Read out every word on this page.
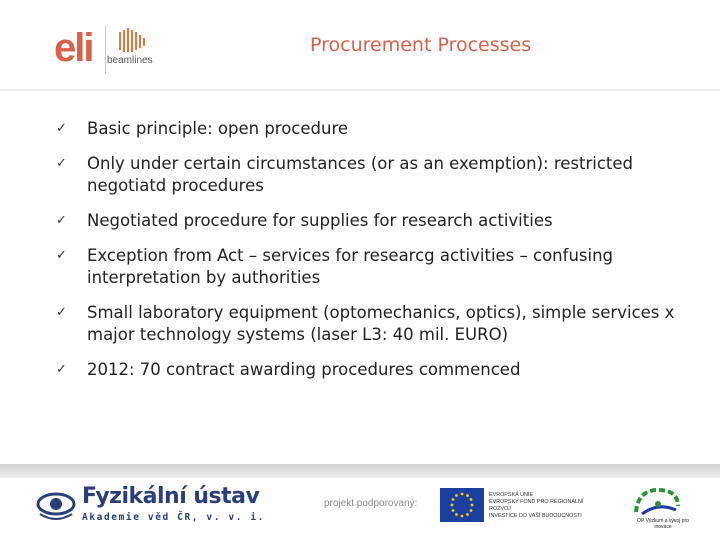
eli beamlines
Procurement Processes
✓ Basic principle: open procedure
✓ Only under certain circumstances (or as an exemption): restricted negotiatd procedures
✓ Negotiated procedure for supplies for research activities
✓ Exception from Act – services for researcg activities – confusing interpretation by authorities
✓ Small laboratory equipment (optomechanics, optics), simple services x major technology systems (laser L3: 40 mil. EURO)
✓ 2012: 70 contract awarding procedures commenced
Fyzikální ústav
Akademie věd ČR, v. v. i.
projekt podporovaný:
EVROPSKÁ UNIE
EVROPSKÝ FOND PRO REGIONÁLNÍ ROZVOJ
INVESTICE DO VAŠÍ BUDOUCNOSTI
OP Výzkum a vývoj pro inovace
